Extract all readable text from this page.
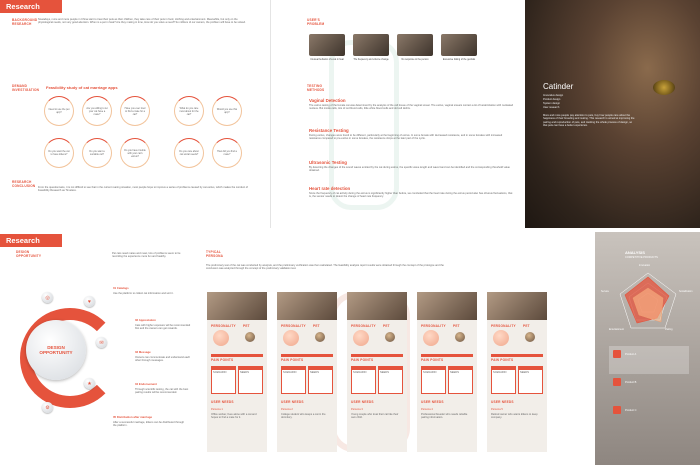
Research
BACKGROUND RESEARCH
Nowadays, more and more people in China start to treat their pets as their children, they take care of their pets in food, clothing and entertainment. Meanwhile, but only on the physiological needs, not very good attention. When is a pet in heat? Are they mating in time, How do you solve a need? So millions of our owners, the problem will have to be solved.
DEMAND INVESTIGATION	Feasibility study of cat marriage apps
Need to use the pet app?
Are you willing to let your cat have a mate?
Have you ever tried to find a mate for a cat?
What do you care most about for the cat?
Would you use this app?
Do you want the cat to have kittens?
Do you want a sociable cat?
Do you have trouble with your cat's estrus?
Do you care about cat social needs?
How did you find a mate?
RESEARCH CONCLUSION From the questionnaire, it is not difficult to see that in the current rearing situation, most people hope to improve a series of problems caused by cat estrus, which makes the conduct of Feasibility Research as Timeless.
USER'S PROBLEM
Unusual behavior of a cat in heat	The frequency and volume change	No response to the person	Excessive licking of the genitals
TESTING METHODS
Vaginal Detection
The estrus testing of the female cat was determined by the analysis of the cell tissue of the vaginal smear. The estrus, vaginal smears contain a lot of keratinization with nucleated nucleus. But inside cells, lots of red blood cells, little white blood cells and old cell debris.
Resistance Testing
During estrus, changes were found to be different, particularly at the beginning of estrus. In some female with decreased resistance, and in some females with increased resistance compared to pre-estrus in some females, the resistance drops at the later part of the cycle.
Ultrasonic Testing
By detecting the changes of the sound waves emitted by the cat during estrus, the specific wave length and wave band can be identified and the corresponding threshold value obtained.
Heart rate detection
Since the frequency of cat activity during the estrus is significantly higher than before, we concluded that the heart rate during the estrus period also has obvious fluctuations, that is, the sensor needs to detect the change of heart rate frequency.
Catinder
Innovative design
Product design
System design
User research
More and more people pay attention to pets, buy how people care about the happiness of their breeding and mating. This research is aimed at improving the pairing and reproduction of pets, and tracking the whole process of design, so that pets can have a better experience.
Research
DESIGN OPPORTUNITY
Pet cats need mates and meet, lots of problems seem to be recording the experience more fun and healthy.
DESIGN OPPORTUNITY
◎
♥
✉
★
⚙
01 Catalogs
Use the platform to collect cat information and sort it.
02 Appreciation
Cats with higher exposure will be recommended first and the owners can get rewards.
03 Message
Owners can communicate and understand each other through messages.
04 Endorsement
Through scientific testing, the cat with the best pairing results will be recommended.
05 Distribution after marriage
After a successful marriage, kittens can be distributed through the platform.
TYPICAL PERSONA
The preliminary test of the cat was conducted by analysis, and the preliminary verification was then calculated. The feasibility analysis report results were obtained through the concept of the prototype and the conclusion was analyzed through the concept of the preliminary validation test.
PERSONALITY PET
PAIN POINTS
SCENARIO	NEEDS
USER NEEDS
Persona 1
Office worker, lives alone with a cat and hopes to find a mate for it.
PERSONALITY PET
PAIN POINTS
SCENARIO	NEEDS
USER NEEDS
Persona 2
College student who keeps a cat in the dormitory.
PERSONALITY PET
PAIN POINTS
SCENARIO	NEEDS
USER NEEDS
Persona 3
Young couple who treat their cat like their own child.
PERSONALITY PET
PAIN POINTS
SCENARIO	NEEDS
USER NEEDS
Persona 4
Professional breeder who needs reliable pairing information.
PERSONALITY PET
PAIN POINTS
SCENARIO	NEEDS
USER NEEDS
Persona 5
Retired owner who wants kittens to keep company.
ANALYSIS
COMPETITIVE PRODUCTS
Innovation
Socialization
Pairing
Entertainment
Service
Product A
Product B
Product C
